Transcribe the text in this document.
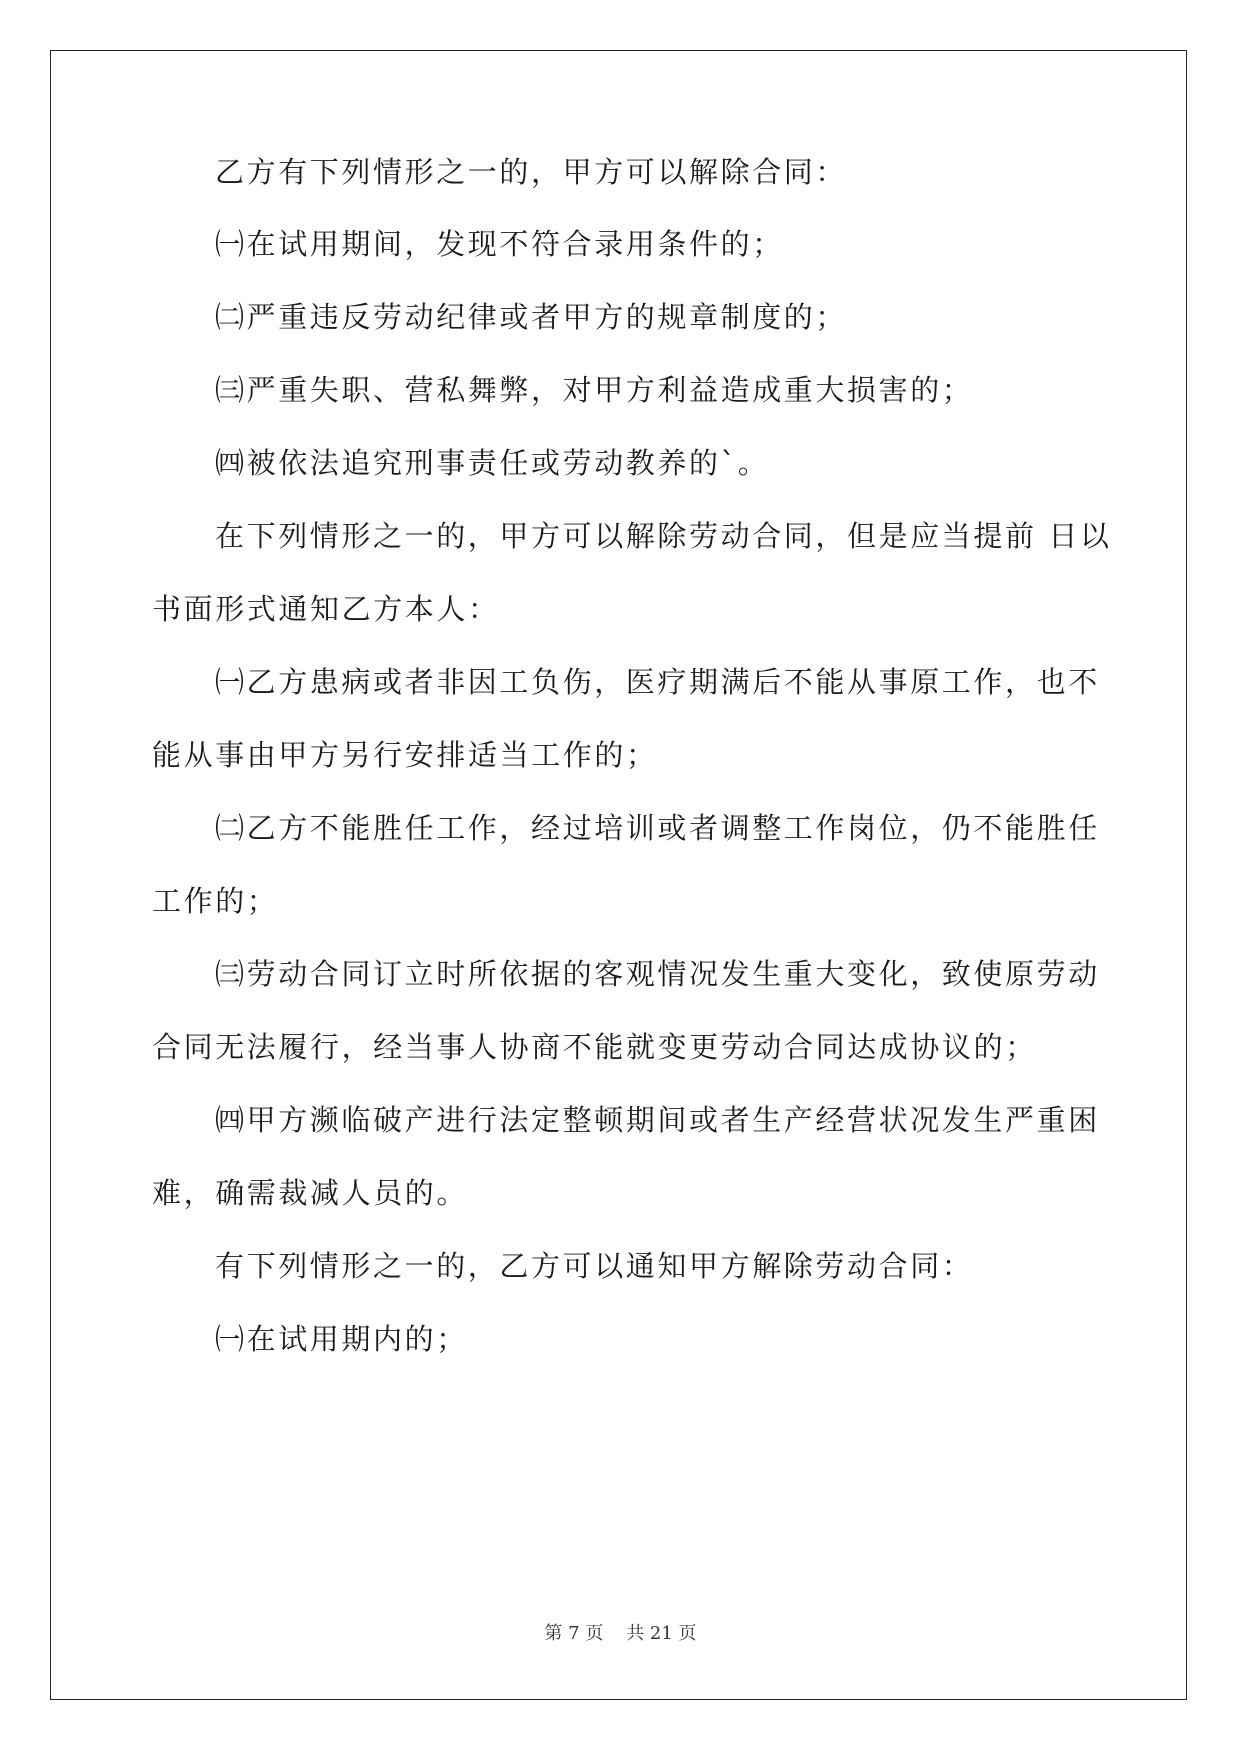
乙方有下列情形之一的，甲方可以解除合同：
㈠在试用期间，发现不符合录用条件的；
㈡严重违反劳动纪律或者甲方的规章制度的；
㈢严重失职、营私舞弊，对甲方利益造成重大损害的；
㈣被依法追究刑事责任或劳动教养的`。
在下列情形之一的，甲方可以解除劳动合同，但是应当提前 日以
书面形式通知乙方本人：
㈠乙方患病或者非因工负伤，医疗期满后不能从事原工作，也不
能从事由甲方另行安排适当工作的；
㈡乙方不能胜任工作，经过培训或者调整工作岗位，仍不能胜任
工作的；
㈢劳动合同订立时所依据的客观情况发生重大变化，致使原劳动
合同无法履行，经当事人协商不能就变更劳动合同达成协议的；
㈣甲方濒临破产进行法定整顿期间或者生产经营状况发生严重困
难，确需裁减人员的。
有下列情形之一的，乙方可以通知甲方解除劳动合同：
㈠在试用期内的；
第 7 页    共 21 页
